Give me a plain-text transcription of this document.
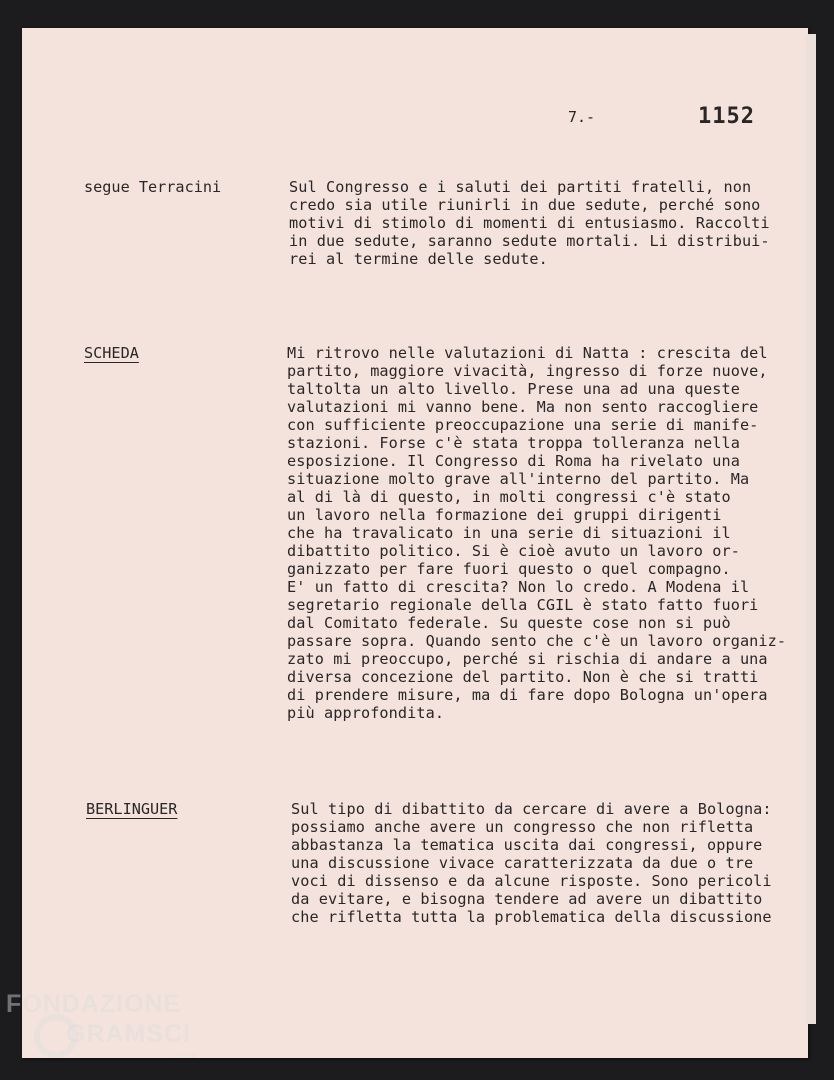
7.-	1152
segue Terracini	Sul Congresso e i saluti dei partiti fratelli, non
credo sia utile riunirli in due sedute, perché sono
motivi di stimolo di momenti di entusiasmo. Raccolti
in due sedute, saranno sedute mortali. Li distribui-
rei al termine delle sedute.
SCHEDA	Mi ritrovo nelle valutazioni di Natta : crescita del
partito, maggiore vivacità, ingresso di forze nuove,
taltolta un alto livello. Prese una ad una queste
valutazioni mi vanno bene. Ma non sento raccogliere
con sufficiente preoccupazione una serie di manife-
stazioni. Forse c'è stata troppa tolleranza nella
esposizione. Il Congresso di Roma ha rivelato una
situazione molto grave all'interno del partito. Ma
al di là di questo, in molti congressi c'è stato
un lavoro nella formazione dei gruppi dirigenti
che ha travalicato in una serie di situazioni il
dibattito politico. Si è cioè avuto un lavoro or-
ganizzato per fare fuori questo o quel compagno.
E' un fatto di crescita? Non lo credo. A Modena il
segretario regionale della CGIL è stato fatto fuori
dal Comitato federale. Su queste cose non si può
passare sopra. Quando sento che c'è un lavoro organiz-
zato mi preoccupo, perché si rischia di andare a una
diversa concezione del partito. Non è che si tratti
di prendere misure, ma di fare dopo Bologna un'opera
più approfondita.
BERLINGUER	Sul tipo di dibattito da cercare di avere a Bologna:
possiamo anche avere un congresso che non rifletta
abbastanza la tematica uscita dai congressi, oppure
una discussione vivace caratterizzata da due o tre
voci di dissenso e da alcune risposte. Sono pericoli
da evitare, e bisogna tendere ad avere un dibattito
che rifletta tutta la problematica della discussione
FONDAZIONE
GRAMSCI
onlus
